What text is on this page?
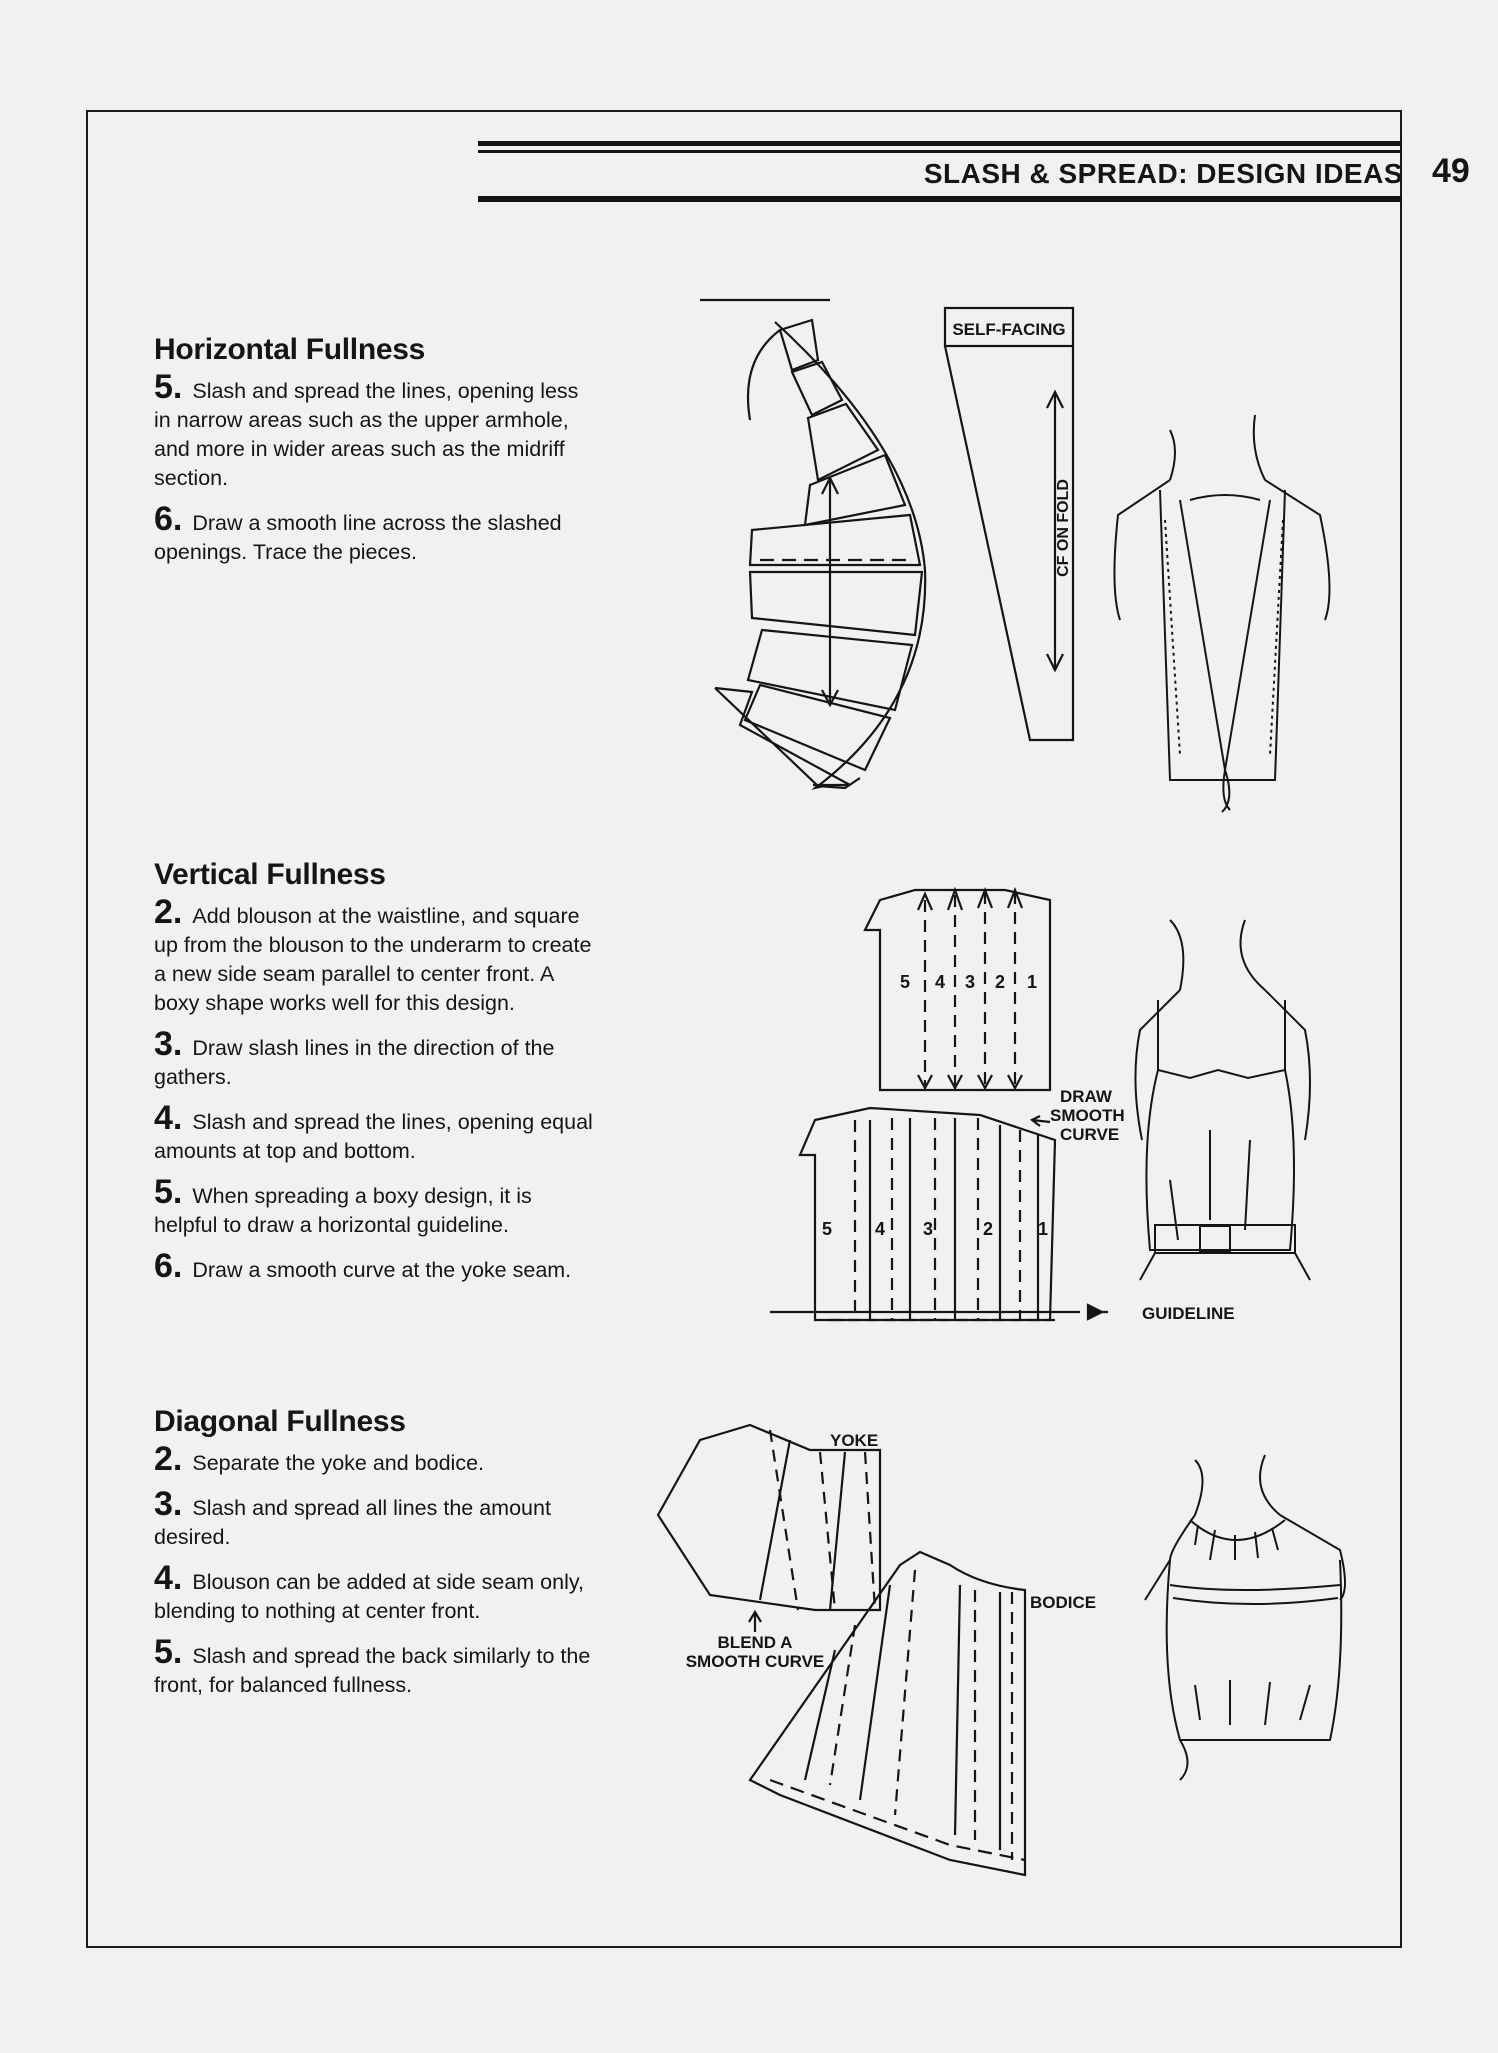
SLASH & SPREAD: DESIGN IDEAS 49
Horizontal Fullness

5. Slash and spread the lines, opening less in narrow areas such as the upper armhole, and more in wider areas such as the midriff section.

6. Draw a smooth line across the slashed openings. Trace the pieces.

Vertical Fullness

2. Add blouson at the waistline, and square up from the blouson to the underarm to create a new side seam parallel to center front. A boxy shape works well for this design.

3. Draw slash lines in the direction of the gathers.

4. Slash and spread the lines, opening equal amounts at top and bottom.

5. When spreading a boxy design, it is helpful to draw a horizontal guideline.

6. Draw a smooth curve at the yoke seam.

Diagonal Fullness

2. Separate the yoke and bodice.

3. Slash and spread all lines the amount desired.

4. Blouson can be added at side seam only, blending to nothing at center front.

5. Slash and spread the back similarly to the front, for balanced fullness.

SELF-FACING
CF ON FOLD
5 4 3 2 1
5 4 3	2 1
GUIDELINE
DRAW
SMOOTH
CURVE
YOKE
BLEND A
SMOOTH CURVE
BODICE
